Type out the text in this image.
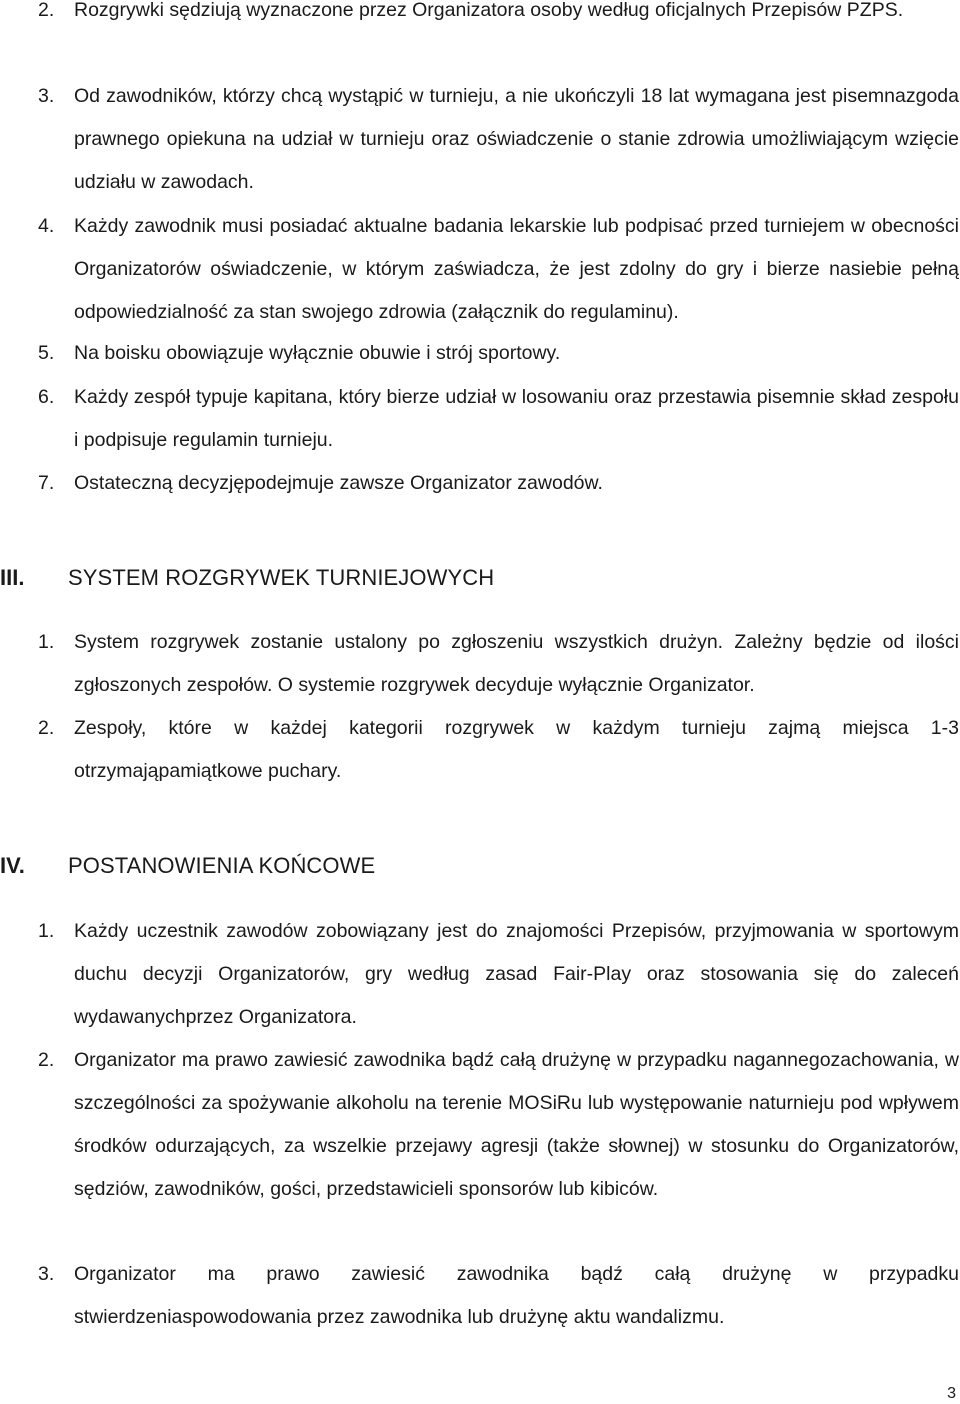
2. Rozgrywki sędziują wyznaczone przez Organizatora osoby według oficjalnych Przepisów PZPS.
3. Od zawodników, którzy chcą wystąpić w turnieju, a nie ukończyli 18 lat wymagana jest pisemnazgoda prawnego opiekuna na udział w turnieju oraz oświadczenie o stanie zdrowia umożliwiającym wzięcie udziału w zawodach.
4. Każdy zawodnik musi posiadać aktualne badania lekarskie lub podpisać przed turniejem w obecności Organizatorów oświadczenie, w którym zaświadcza, że jest zdolny do gry i bierze nasiebie pełną odpowiedzialność za stan swojego zdrowia (załącznik do regulaminu).
5. Na boisku obowiązuje wyłącznie obuwie i strój sportowy.
6. Każdy zespół typuje kapitana, który bierze udział w losowaniu oraz przestawia pisemnie skład zespołu i podpisuje regulamin turnieju.
7. Ostateczną decyzjępodejmuje zawsze Organizator zawodów.
III. SYSTEM ROZGRYWEK TURNIEJOWYCH
1. System rozgrywek zostanie ustalony po zgłoszeniu wszystkich drużyn. Zależny będzie od ilości zgłoszonych zespołów. O systemie rozgrywek decyduje wyłącznie Organizator.
2. Zespoły, które w każdej kategorii rozgrywek w każdym turnieju zajmą miejsca 1-3 otrzymająpamiątkowe puchary.
IV. POSTANOWIENIA KOŃCOWE
1. Każdy uczestnik zawodów zobowiązany jest do znajomości Przepisów, przyjmowania w sportowym duchu decyzji Organizatorów, gry według zasad Fair-Play oraz stosowania się do zaleceń wydawanychprzez Organizatora.
2. Organizator ma prawo zawiesić zawodnika bądź całą drużynę w przypadku nagannegozachowania, w szczególności za spożywanie alkoholu na terenie MOSiRu lub występowanie naturnieju pod wpływem środków odurzających, za wszelkie przejawy agresji (także słownej) w stosunku do Organizatorów, sędziów, zawodników, gości, przedstawicieli sponsorów lub kibiców.
3. Organizator ma prawo zawiesić zawodnika bądź całą drużynę w przypadku stwierdzeniaspowodowania przez zawodnika lub drużynę aktu wandalizmu.
3
